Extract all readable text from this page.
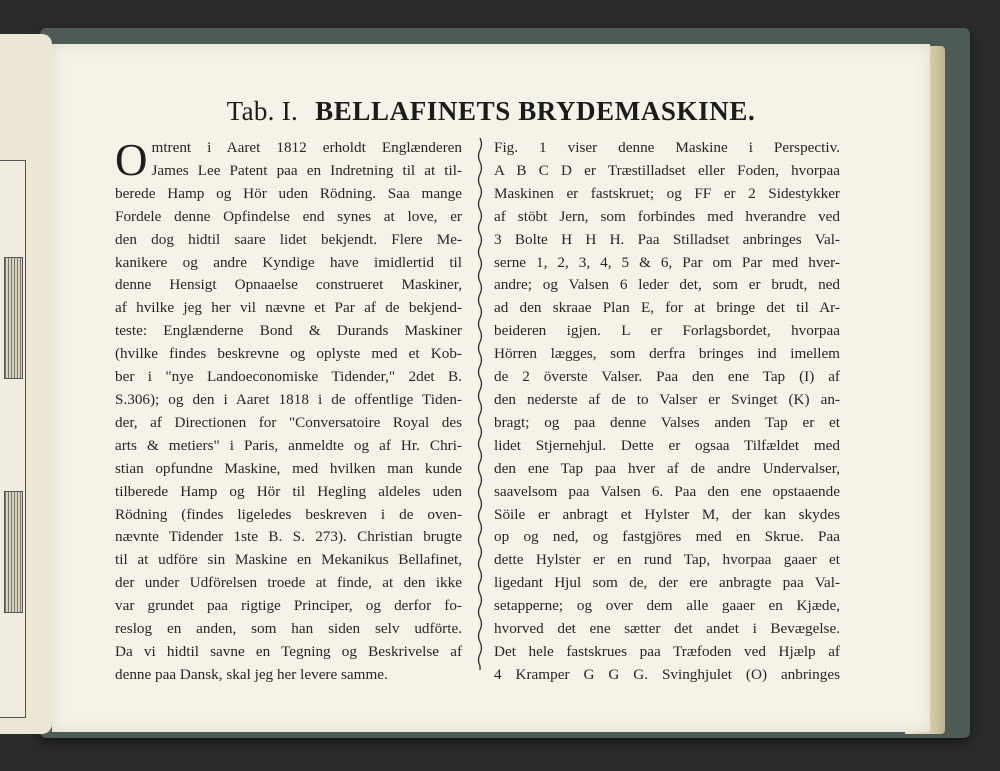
Tab. I. BELLAFINETS BRYDEMASKINE.
O mtrent i Aaret 1812 erholdt Englænderen
James Lee Patent paa en Indretning til at til-
berede Hamp og Hör uden Rödning. Saa mange
Fordele denne Opfindelse end synes at love, er
den dog hidtil saare lidet bekjendt. Flere Me-
kanikere og andre Kyndige have imidlertid til
denne Hensigt Opnaaelse construeret Maskiner,
af hvilke jeg her vil nævne et Par af de bekjend-
teste: Englænderne Bond & Durands Maskiner
(hvilke findes beskrevne og oplyste med et Kob-
ber i "nye Landoeconomiske Tidender," 2det B.
S.306); og den i Aaret 1818 i de offentlige Tiden-
der, af Directionen for "Conversatoire Royal des
arts & metiers" i Paris, anmeldte og af Hr. Chri-
stian opfundne Maskine, med hvilken man kunde
tilberede Hamp og Hör til Hegling aldeles uden
Rödning (findes ligeledes beskreven i de oven-
nævnte Tidender 1ste B. S. 273). Christian brugte
til at udföre sin Maskine en Mekanikus Bellafinet,
der under Udförelsen troede at finde, at den ikke
var grundet paa rigtige Principer, og derfor fo-
reslog en anden, som han siden selv udförte.
Da vi hidtil savne en Tegning og Beskrivelse af
denne paa Dansk, skal jeg her levere samme.
Fig. 1 viser denne Maskine i Perspectiv.
A B C D er Træstilladset eller Foden, hvorpaa
Maskinen er fastskruet; og FF er 2 Sidestykker
af stöbt Jern, som forbindes med hverandre ved
3 Bolte H H H. Paa Stilladset anbringes Val-
serne 1, 2, 3, 4, 5 & 6, Par om Par med hver-
andre; og Valsen 6 leder det, som er brudt, ned
ad den skraae Plan E, for at bringe det til Ar-
beideren igjen. L er Forlagsbordet, hvorpaa
Hörren lægges, som derfra bringes ind imellem
de 2 överste Valser. Paa den ene Tap (I) af
den nederste af de to Valser er Svinget (K) an-
bragt; og paa denne Valses anden Tap er et
lidet Stjernehjul. Dette er ogsaa Tilfældet med
den ene Tap paa hver af de andre Undervalser,
saavelsom paa Valsen 6. Paa den ene opstaaende
Söile er anbragt et Hylster M, der kan skydes
op og ned, og fastgjöres med en Skrue. Paa
dette Hylster er en rund Tap, hvorpaa gaaer et
ligedant Hjul som de, der ere anbragte paa Val-
setapperne; og over dem alle gaaer en Kjæde,
hvorved det ene sætter det andet i Bevægelse.
Det hele fastskrues paa Træfoden ved Hjælp af
4 Kramper G G G. Svinghjulet (O) anbringes
